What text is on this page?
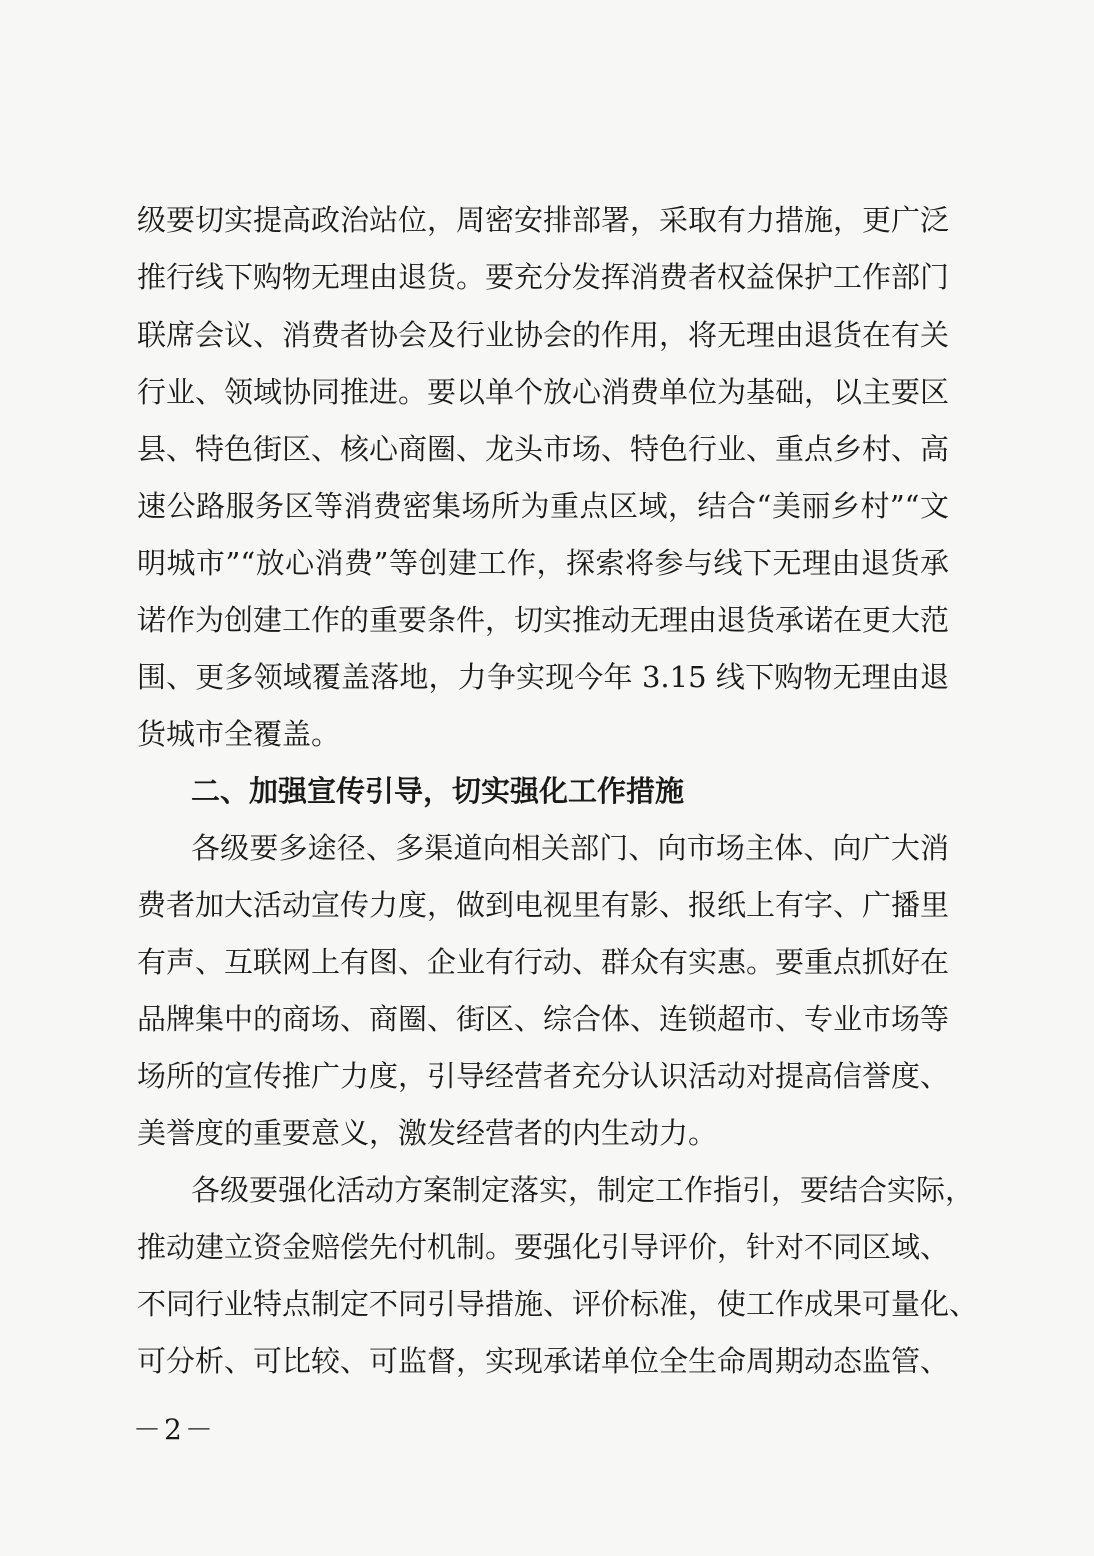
级要切实提高政治站位，周密安排部署，采取有力措施，更广泛
推行线下购物无理由退货。要充分发挥消费者权益保护工作部门
联席会议、消费者协会及行业协会的作用，将无理由退货在有关
行业、领域协同推进。要以单个放心消费单位为基础，以主要区
县、特色街区、核心商圈、龙头市场、特色行业、重点乡村、高
速公路服务区等消费密集场所为重点区域，结合“美丽乡村”“文
明城市”“放心消费”等创建工作，探索将参与线下无理由退货承
诺作为创建工作的重要条件，切实推动无理由退货承诺在更大范
围、更多领域覆盖落地，力争实现今年 3.15 线下购物无理由退
货城市全覆盖。
二、加强宣传引导，切实强化工作措施
各级要多途径、多渠道向相关部门、向市场主体、向广大消
费者加大活动宣传力度，做到电视里有影、报纸上有字、广播里
有声、互联网上有图、企业有行动、群众有实惠。要重点抓好在
品牌集中的商场、商圈、街区、综合体、连锁超市、专业市场等
场所的宣传推广力度，引导经营者充分认识活动对提高信誉度、
美誉度的重要意义，激发经营者的内生动力。
各级要强化活动方案制定落实，制定工作指引，要结合实际，
推动建立资金赔偿先付机制。要强化引导评价，针对不同区域、
不同行业特点制定不同引导措施、评价标准，使工作成果可量化、
可分析、可比较、可监督，实现承诺单位全生命周期动态监管、
－2－
